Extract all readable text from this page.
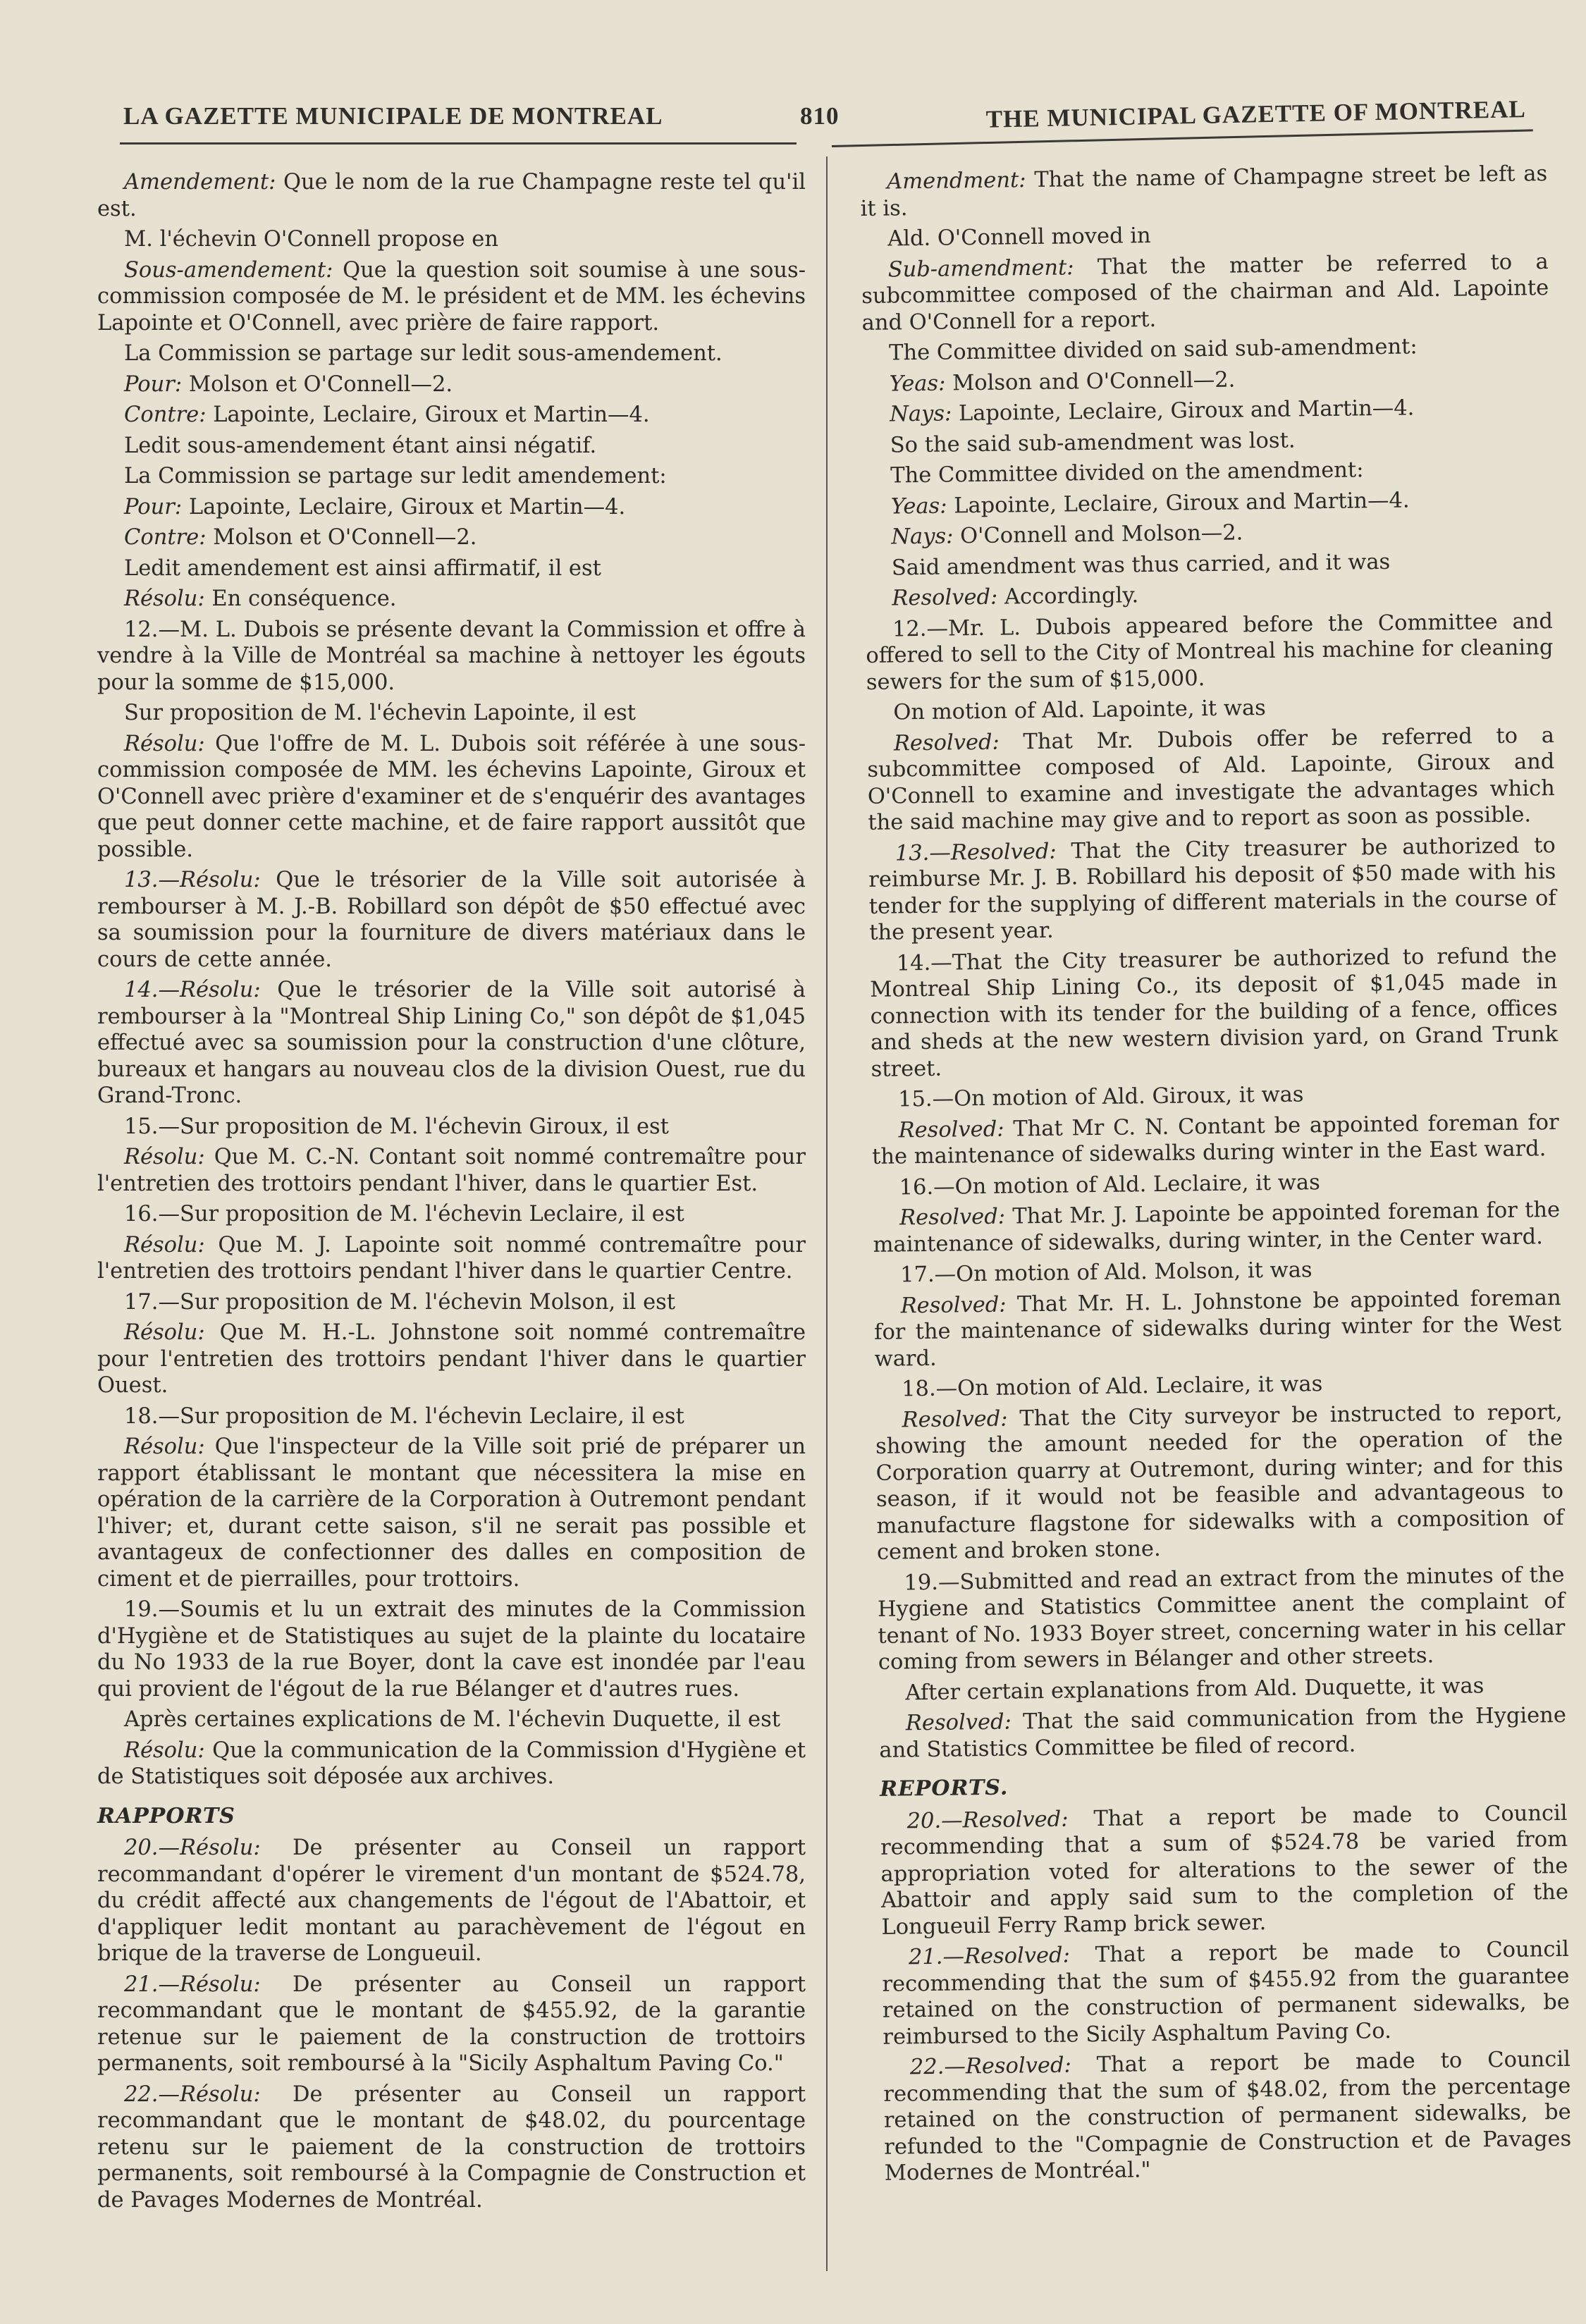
LA GAZETTE MUNICIPALE DE MONTREAL	810	THE MUNICIPAL GAZETTE OF MONTREAL

Amendement: Que le nom de la rue Champagne reste tel qu'il est.

M. l'échevin O'Connell propose en

Sous-amendement: Que la question soit soumise à une sous-commission composée de M. le président et de MM. les échevins Lapointe et O'Connell, avec prière de faire rapport.

La Commission se partage sur ledit sous-amendement.

Pour: Molson et O'Connell—2.

Contre: Lapointe, Leclaire, Giroux et Martin—4.

Ledit sous-amendement étant ainsi négatif.

La Commission se partage sur ledit amendement:

Pour: Lapointe, Leclaire, Giroux et Martin—4.

Contre: Molson et O'Connell—2.

Ledit amendement est ainsi affirmatif, il est

Résolu: En conséquence.

12.—M. L. Dubois se présente devant la Commission et offre à vendre à la Ville de Montréal sa machine à nettoyer les égouts pour la somme de $15,000.

Sur proposition de M. l'échevin Lapointe, il est

Résolu: Que l'offre de M. L. Dubois soit référée à une sous-commission composée de MM. les échevins Lapointe, Giroux et O'Connell avec prière d'examiner et de s'enquérir des avantages que peut donner cette machine, et de faire rapport aussitôt que possible.

13.—Résolu: Que le trésorier de la Ville soit autorisée à rembourser à M. J.-B. Robillard son dépôt de $50 effectué avec sa soumission pour la fourniture de divers matériaux dans le cours de cette année.

14.—Résolu: Que le trésorier de la Ville soit autorisé à rembourser à la "Montreal Ship Lining Co," son dépôt de $1,045 effectué avec sa soumission pour la construction d'une clôture, bureaux et hangars au nouveau clos de la division Ouest, rue du Grand-Tronc.

15.—Sur proposition de M. l'échevin Giroux, il est

Résolu: Que M. C.-N. Contant soit nommé contremaître pour l'entretien des trottoirs pendant l'hiver, dans le quartier Est.

16.—Sur proposition de M. l'échevin Leclaire, il est

Résolu: Que M. J. Lapointe soit nommé contremaître pour l'entretien des trottoirs pendant l'hiver dans le quartier Centre.

17.—Sur proposition de M. l'échevin Molson, il est

Résolu: Que M. H.-L. Johnstone soit nommé contremaître pour l'entretien des trottoirs pendant l'hiver dans le quartier Ouest.

18.—Sur proposition de M. l'échevin Leclaire, il est

Résolu: Que l'inspecteur de la Ville soit prié de préparer un rapport établissant le montant que nécessitera la mise en opération de la carrière de la Corporation à Outremont pendant l'hiver; et, durant cette saison, s'il ne serait pas possible et avantageux de confectionner des dalles en composition de ciment et de pierrailles, pour trottoirs.

19.—Soumis et lu un extrait des minutes de la Commission d'Hygiène et de Statistiques au sujet de la plainte du locataire du No 1933 de la rue Boyer, dont la cave est inondée par l'eau qui provient de l'égout de la rue Bélanger et d'autres rues.

Après certaines explications de M. l'échevin Duquette, il est

Résolu: Que la communication de la Commission d'Hygiène et de Statistiques soit déposée aux archives.

RAPPORTS

20.—Résolu: De présenter au Conseil un rapport recommandant d'opérer le virement d'un montant de $524.78, du crédit affecté aux changements de l'égout de l'Abattoir, et d'appliquer ledit montant au parachèvement de l'égout en brique de la traverse de Longueuil.

21.—Résolu: De présenter au Conseil un rapport recommandant que le montant de $455.92, de la garantie retenue sur le paiement de la construction de trottoirs permanents, soit remboursé à la "Sicily Asphaltum Paving Co."

22.—Résolu: De présenter au Conseil un rapport recommandant que le montant de $48.02, du pourcentage retenu sur le paiement de la construction de trottoirs permanents, soit remboursé à la Compagnie de Construction et de Pavages Modernes de Montréal.

Amendment: That the name of Champagne street be left as it is.

Ald. O'Connell moved in

Sub-amendment: That the matter be referred to a subcommittee composed of the chairman and Ald. Lapointe and O'Connell for a report.

The Committee divided on said sub-amendment:

Yeas: Molson and O'Connell—2.

Nays: Lapointe, Leclaire, Giroux and Martin—4.

So the said sub-amendment was lost.

The Committee divided on the amendment:

Yeas: Lapointe, Leclaire, Giroux and Martin—4.

Nays: O'Connell and Molson—2.

Said amendment was thus carried, and it was

Resolved: Accordingly.

12.—Mr. L. Dubois appeared before the Committee and offered to sell to the City of Montreal his machine for cleaning sewers for the sum of $15,000.

On motion of Ald. Lapointe, it was

Resolved: That Mr. Dubois offer be referred to a subcommittee composed of Ald. Lapointe, Giroux and O'Connell to examine and investigate the advantages which the said machine may give and to report as soon as possible.

13.—Resolved: That the City treasurer be authorized to reimburse Mr. J. B. Robillard his deposit of $50 made with his tender for the supplying of different materials in the course of the present year.

14.—That the City treasurer be authorized to refund the Montreal Ship Lining Co., its deposit of $1,045 made in connection with its tender for the building of a fence, offices and sheds at the new western division yard, on Grand Trunk street.

15.—On motion of Ald. Giroux, it was

Resolved: That Mr C. N. Contant be appointed foreman for the maintenance of sidewalks during winter in the East ward.

16.—On motion of Ald. Leclaire, it was

Resolved: That Mr. J. Lapointe be appointed foreman for the maintenance of sidewalks, during winter, in the Center ward.

17.—On motion of Ald. Molson, it was

Resolved: That Mr. H. L. Johnstone be appointed foreman for the maintenance of sidewalks during winter for the West ward.

18.—On motion of Ald. Leclaire, it was

Resolved: That the City surveyor be instructed to report, showing the amount needed for the operation of the Corporation quarry at Outremont, during winter; and for this season, if it would not be feasible and advantageous to manufacture flagstone for sidewalks with a composition of cement and broken stone.

19.—Submitted and read an extract from the minutes of the Hygiene and Statistics Committee anent the complaint of tenant of No. 1933 Boyer street, concerning water in his cellar coming from sewers in Bélanger and other streets.

After certain explanations from Ald. Duquette, it was

Resolved: That the said communication from the Hygiene and Statistics Committee be filed of record.

REPORTS.

20.—Resolved: That a report be made to Council recommending that a sum of $524.78 be varied from appropriation voted for alterations to the sewer of the Abattoir and apply said sum to the completion of the Longueuil Ferry Ramp brick sewer.

21.—Resolved: That a report be made to Council recommending that the sum of $455.92 from the guarantee retained on the construction of permanent sidewalks, be reimbursed to the Sicily Asphaltum Paving Co.

22.—Resolved: That a report be made to Council recommending that the sum of $48.02, from the percentage retained on the construction of permanent sidewalks, be refunded to the "Compagnie de Construction et de Pavages Modernes de Montréal."
